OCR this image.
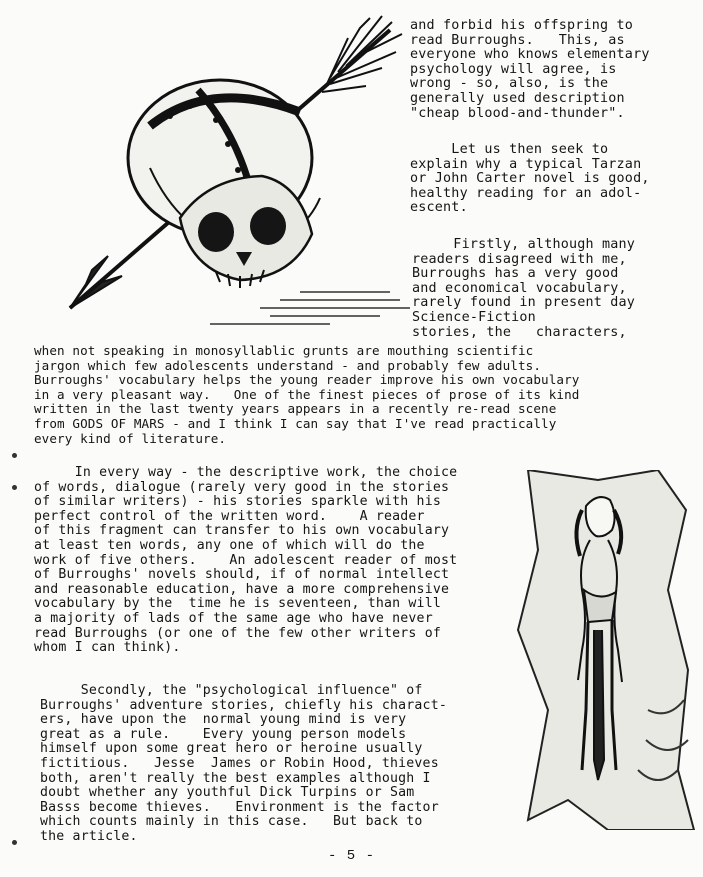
and forbid his offspring to
read Burroughs.   This, as
everyone who knows elementary
psychology will agree, is
wrong - so, also, is the
generally used description
"cheap blood-and-thunder".
Let us then seek to
explain why a typical Tarzan
or John Carter novel is good,
healthy reading for an adol-
escent.
Firstly, although many
readers disagreed with me,
Burroughs has a very good
and economical vocabulary,
rarely found in present day
Science-Fiction
stories, the   characters,
when not speaking in monosyllablic grunts are mouthing scientific
jargon which few adolescents understand - and probably few adults.
Burroughs' vocabulary helps the young reader improve his own vocabulary
in a very pleasant way.   One of the finest pieces of prose of its kind
written in the last twenty years appears in a recently re-read scene
from GODS OF MARS - and I think I can say that I've read practically
every kind of literature.
In every way - the descriptive work, the choice
of words, dialogue (rarely very good in the stories
of similar writers) - his stories sparkle with his
perfect control of the written word.    A reader
of this fragment can transfer to his own vocabulary
at least ten words, any one of which will do the
work of five others.    An adolescent reader of most
of Burroughs' novels should, if of normal intellect
and reasonable education, have a more comprehensive
vocabulary by the  time he is seventeen, than will
a majority of lads of the same age who have never
read Burroughs (or one of the few other writers of
whom I can think).
Secondly, the "psychological influence" of
Burroughs' adventure stories, chiefly his charact-
ers, have upon the  normal young mind is very
great as a rule.    Every young person models
himself upon some great hero or heroine usually
fictitious.   Jesse  James or Robin Hood, thieves
both, aren't really the best examples although I
doubt whether any youthful Dick Turpins or Sam
Basss become thieves.   Environment is the factor
which counts mainly in this case.   But back to
the article.
- 5 -
